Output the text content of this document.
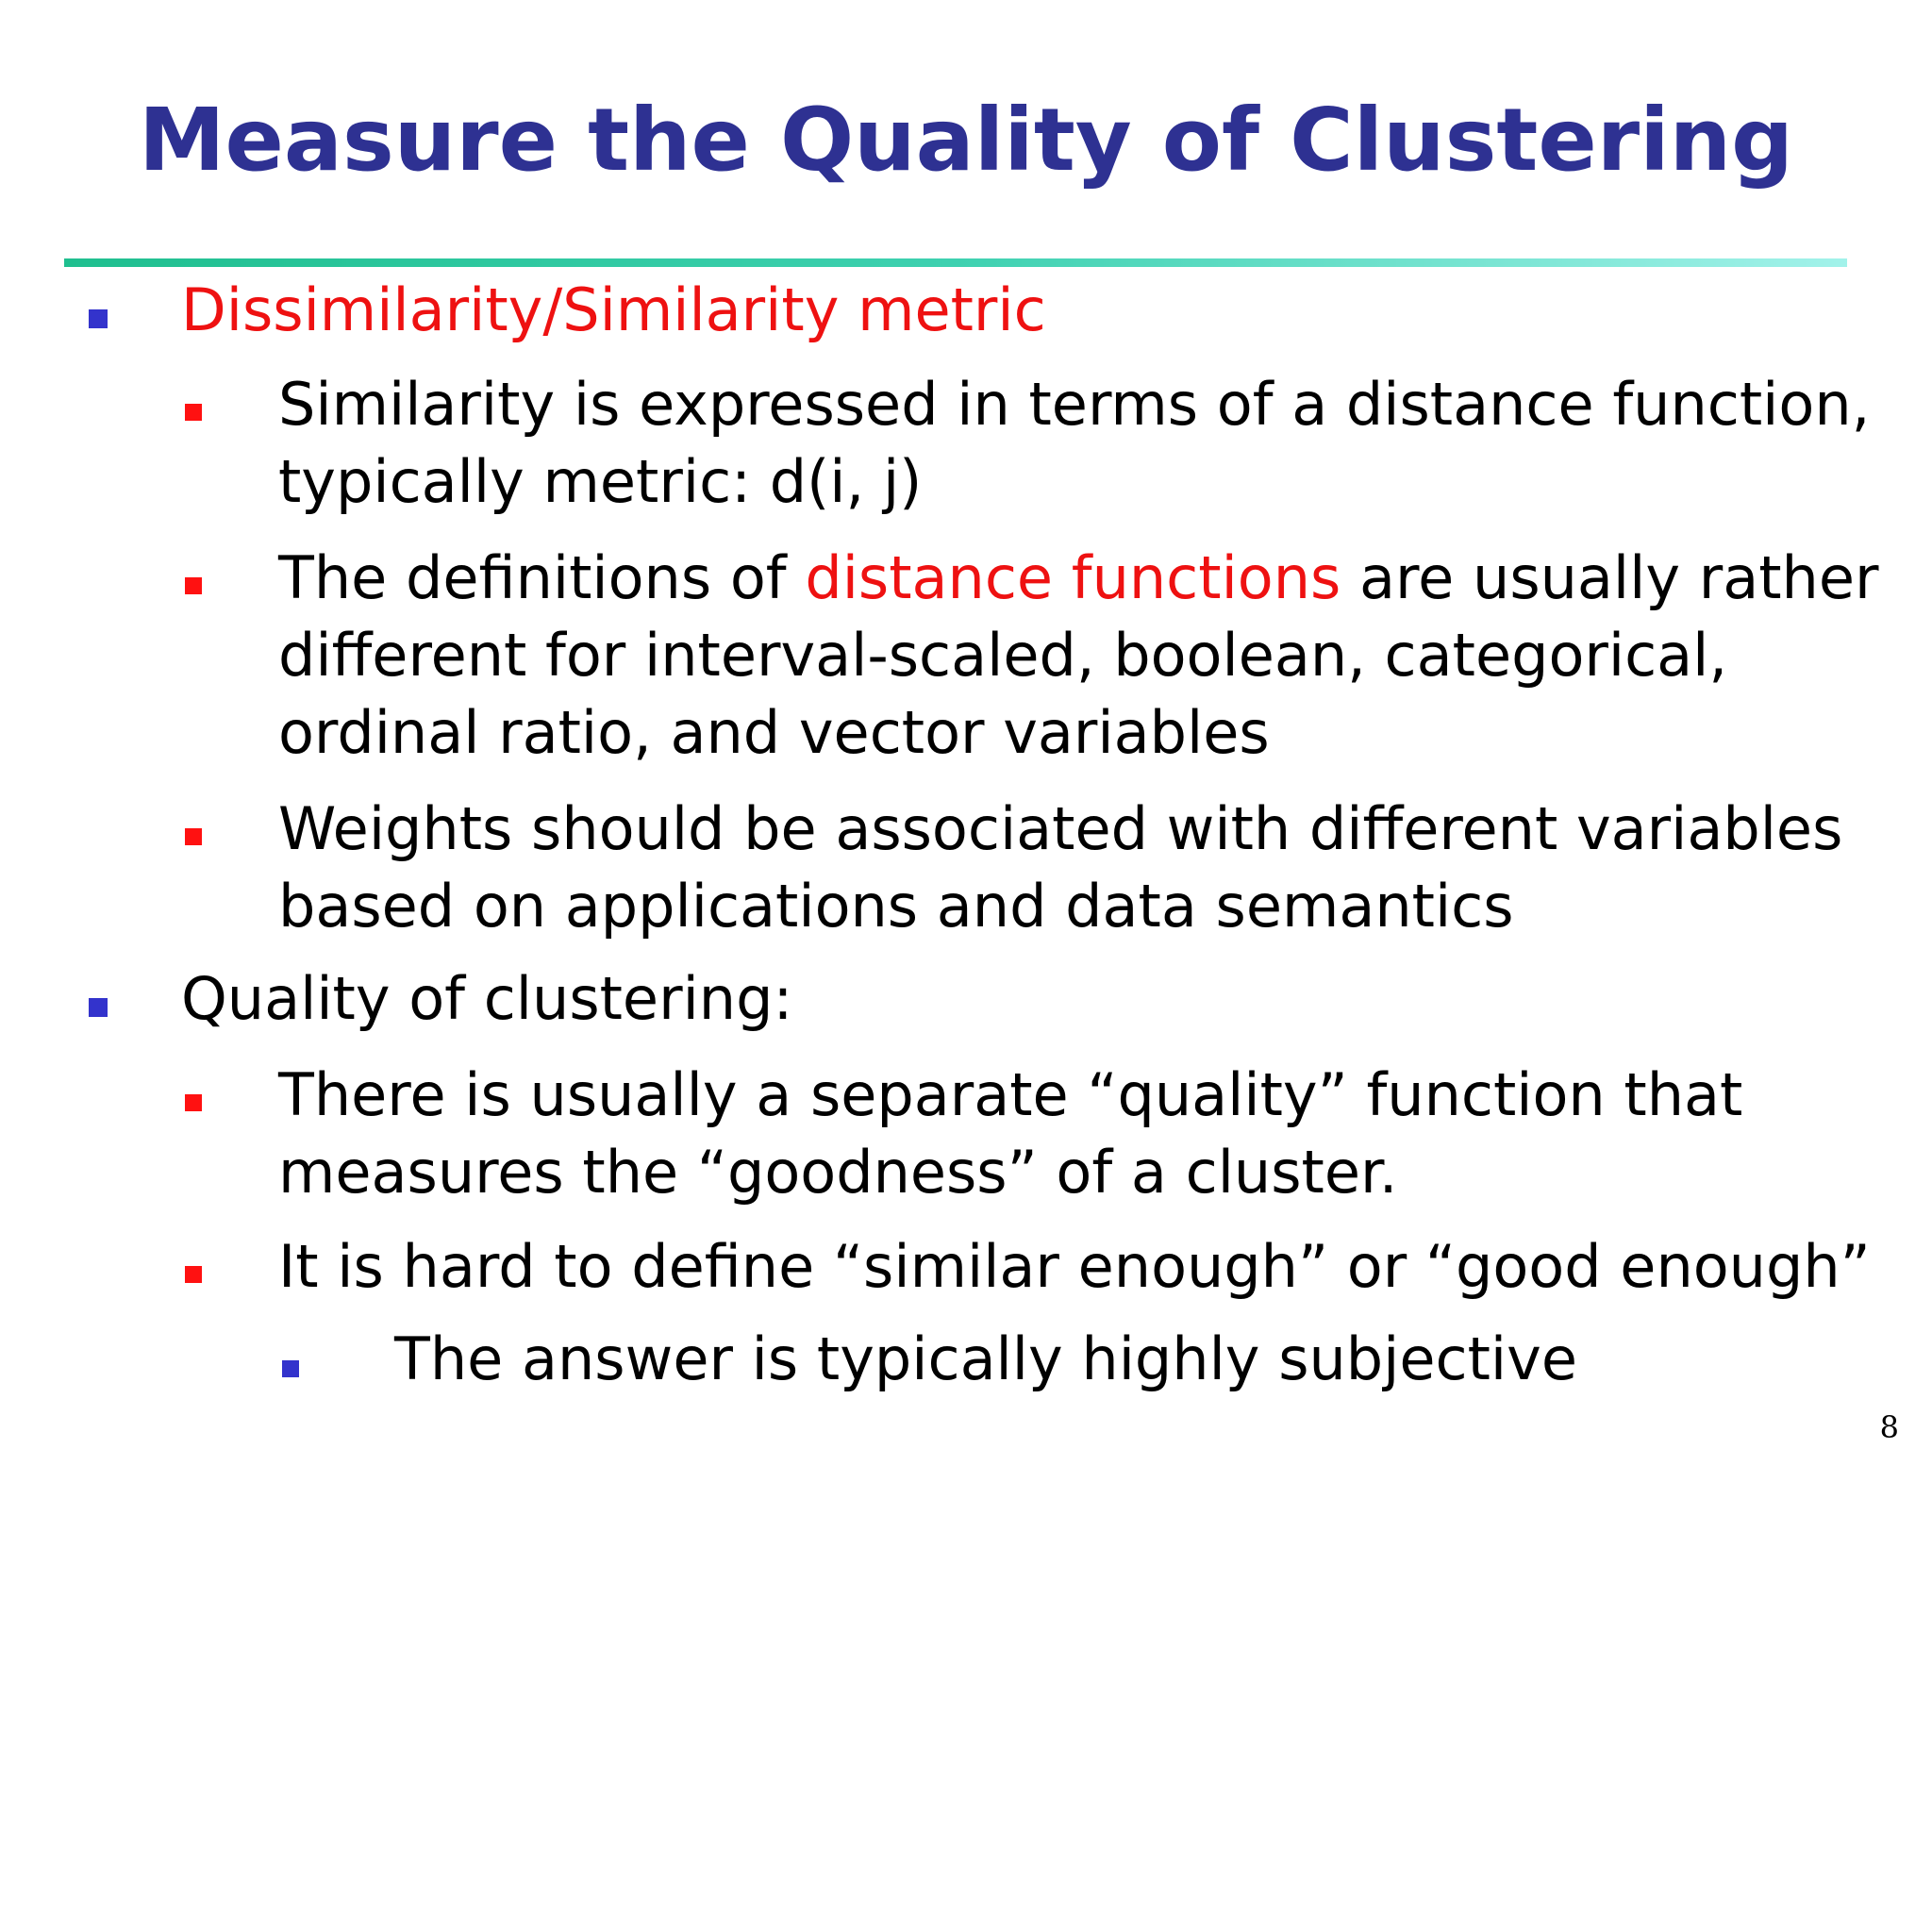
Measure the Quality of Clustering
Dissimilarity/Similarity metric
Similarity is expressed in terms of a distance function,
typically metric: d(i, j)
The definitions of distance functions are usually rather
different for interval-scaled, boolean, categorical,
ordinal ratio, and vector variables
Weights should be associated with different variables
based on applications and data semantics
Quality of clustering:
There is usually a separate “quality” function that
measures the “goodness” of a cluster.
It is hard to define “similar enough” or “good enough”
The answer is typically highly subjective
8
